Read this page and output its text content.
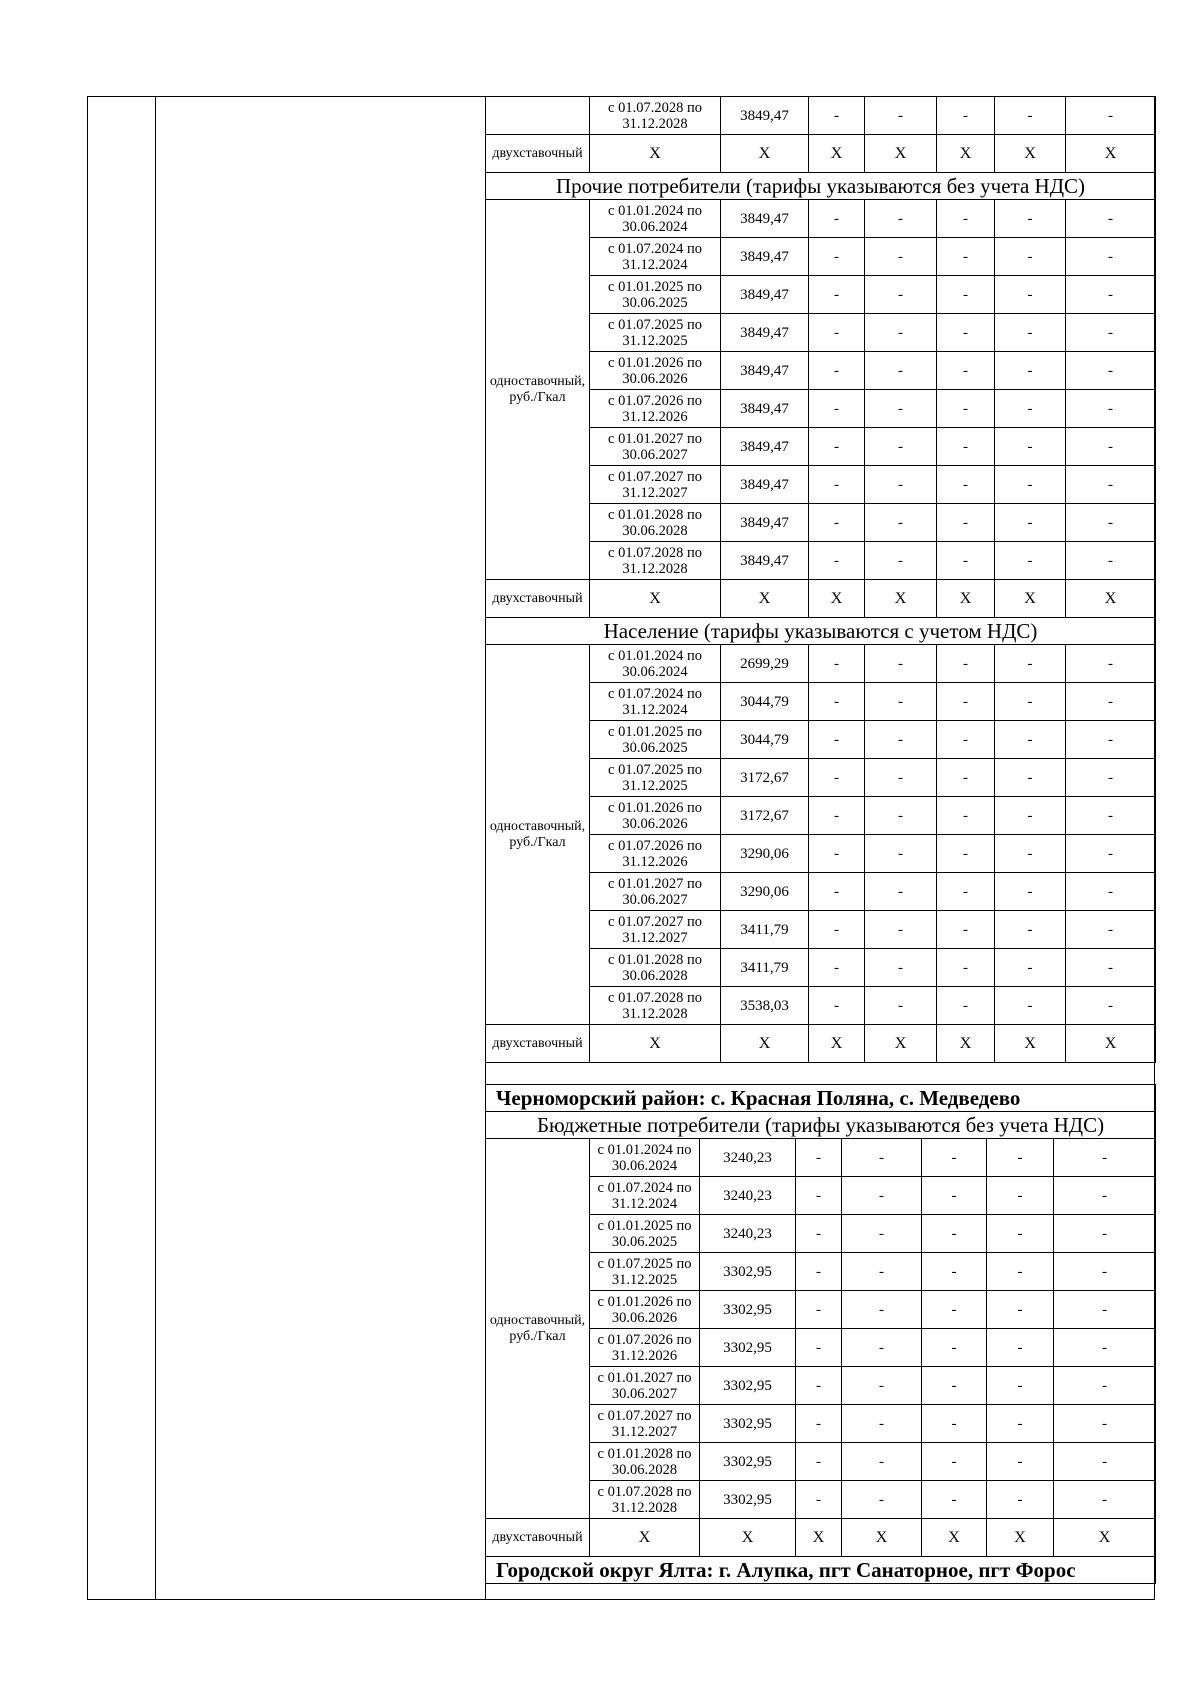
	с 01.07.2028 по 31.12.2028	3849,47	-	-	-	-	-
двухставочный	X	X	X	X	X	X	X
Прочие потребители (тарифы указываются без учета НДС)							
одноставочный, руб./Гкал	с 01.01.2024 по 30.06.2024	3849,47	-	-	-	-	-
	с 01.07.2024 по 31.12.2024	3849,47	-	-	-	-	-
	с 01.01.2025 по 30.06.2025	3849,47	-	-	-	-	-
	с 01.07.2025 по 31.12.2025	3849,47	-	-	-	-	-
	с 01.01.2026 по 30.06.2026	3849,47	-	-	-	-	-
	с 01.07.2026 по 31.12.2026	3849,47	-	-	-	-	-
	с 01.01.2027 по 30.06.2027	3849,47	-	-	-	-	-
	с 01.07.2027 по 31.12.2027	3849,47	-	-	-	-	-
	с 01.01.2028 по 30.06.2028	3849,47	-	-	-	-	-
	с 01.07.2028 по 31.12.2028	3849,47	-	-	-	-	-
двухставочный	X	X	X	X	X	X	X
Население (тарифы указываются с учетом НДС)							
одноставочный, руб./Гкал	с 01.01.2024 по 30.06.2024	2699,29	-	-	-	-	-
	с 01.07.2024 по 31.12.2024	3044,79	-	-	-	-	-
	с 01.01.2025 по 30.06.2025	3044,79	-	-	-	-	-
	с 01.07.2025 по 31.12.2025	3172,67	-	-	-	-	-
	с 01.01.2026 по 30.06.2026	3172,67	-	-	-	-	-
	с 01.07.2026 по 31.12.2026	3290,06	-	-	-	-	-
	с 01.01.2027 по 30.06.2027	3290,06	-	-	-	-	-
	с 01.07.2027 по 31.12.2027	3411,79	-	-	-	-	-
	с 01.01.2028 по 30.06.2028	3411,79	-	-	-	-	-
	с 01.07.2028 по 31.12.2028	3538,03	-	-	-	-	-
двухставочный	X	X	X	X	X	X	X
Черноморский район: с. Красная Поляна, с. Медведево							
Бюджетные потребители (тарифы указываются без учета НДС)							
одноставочный, руб./Гкал	с 01.01.2024 по 30.06.2024	3240,23	-	-	-	-	-
	с 01.07.2024 по 31.12.2024	3240,23	-	-	-	-	-
	с 01.01.2025 по 30.06.2025	3240,23	-	-	-	-	-
	с 01.07.2025 по 31.12.2025	3302,95	-	-	-	-	-
	с 01.01.2026 по 30.06.2026	3302,95	-	-	-	-	-
	с 01.07.2026 по 31.12.2026	3302,95	-	-	-	-	-
	с 01.01.2027 по 30.06.2027	3302,95	-	-	-	-	-
	с 01.07.2027 по 31.12.2027	3302,95	-	-	-	-	-
	с 01.01.2028 по 30.06.2028	3302,95	-	-	-	-	-
	с 01.07.2028 по 31.12.2028	3302,95	-	-	-	-	-
двухставочный	X	X	X	X	X	X	X
Городской округ Ялта: г. Алупка, пгт Санаторное, пгт Форос							
